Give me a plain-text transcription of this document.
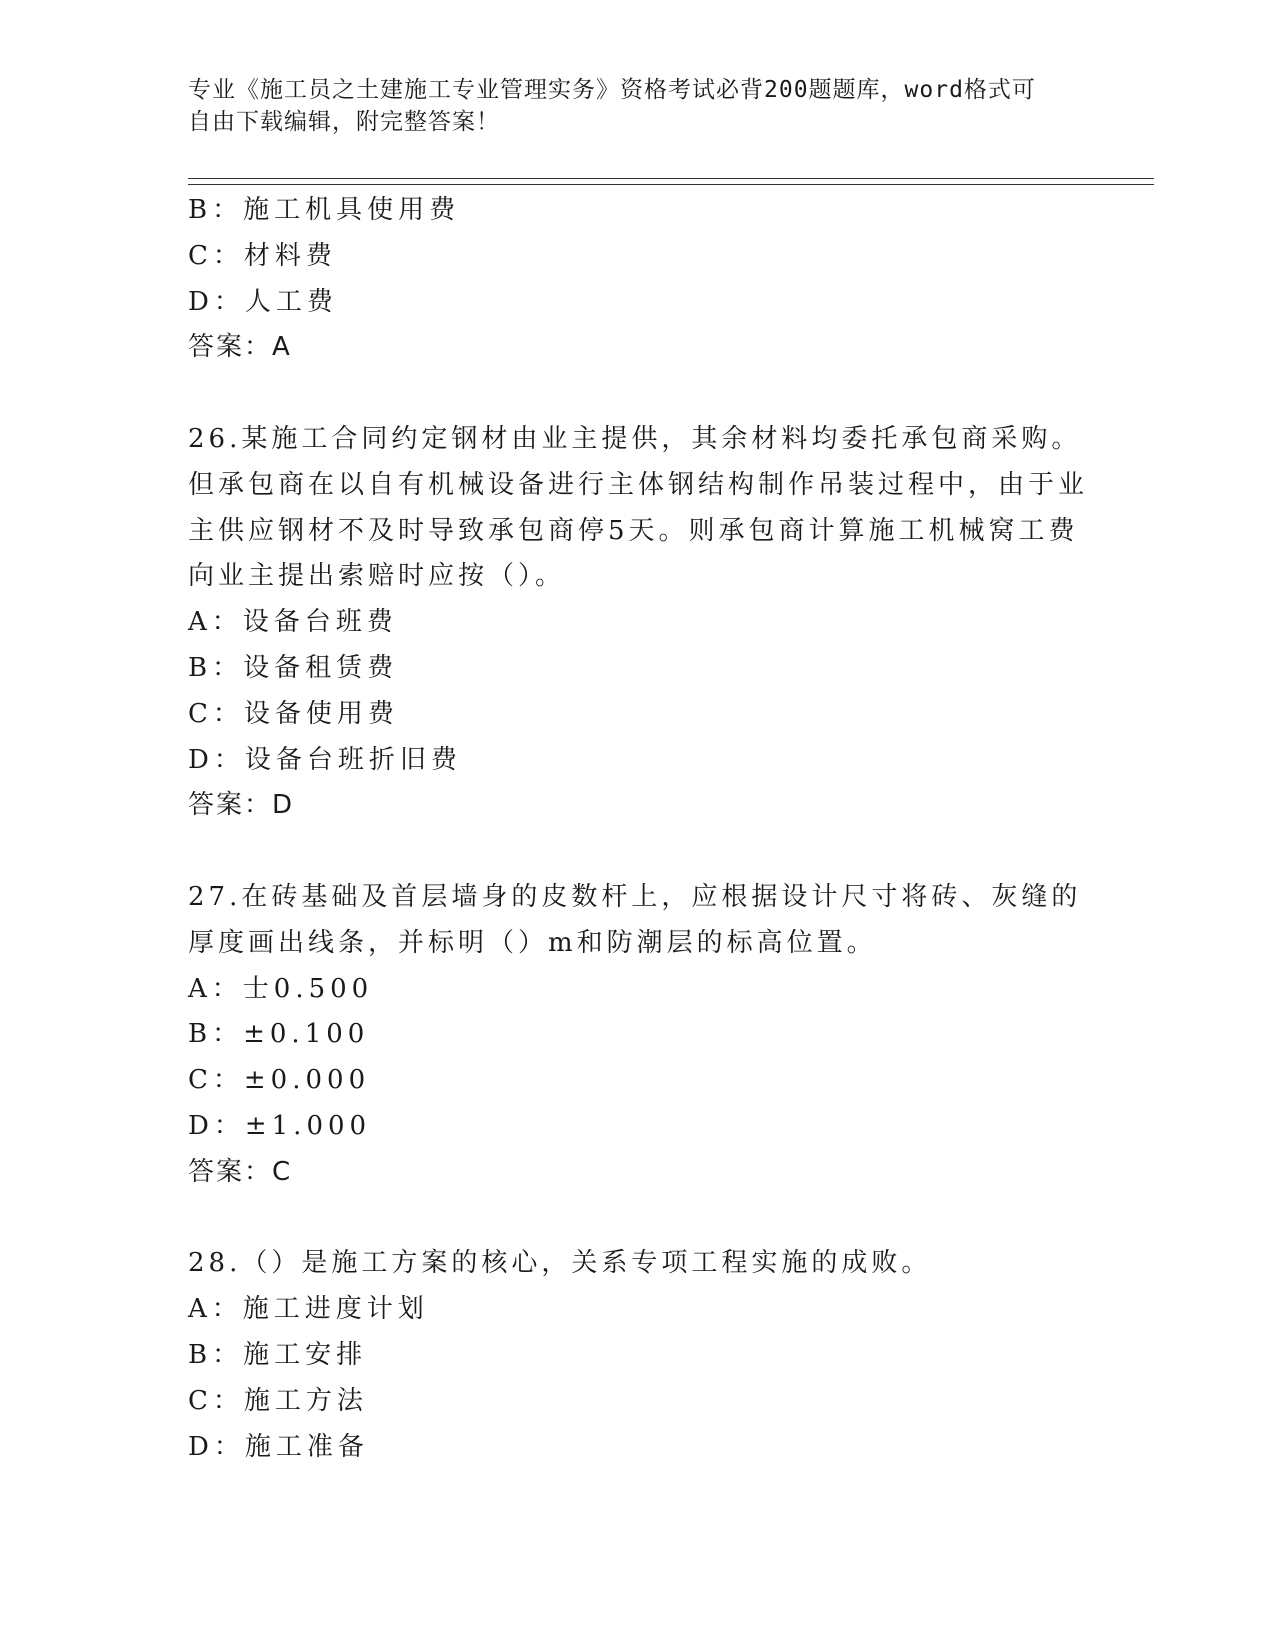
专业《施工员之土建施工专业管理实务》资格考试必背200题题库，word格式可
自由下载编辑，附完整答案！
B：施工机具使用费
C：材料费
D：人工费
答案：A
26.某施工合同约定钢材由业主提供，其余材料均委托承包商采购。但承包商在以自有机械设备进行主体钢结构制作吊装过程中，由于业主供应钢材不及时导致承包商停5天。则承包商计算施工机械窝工费向业主提出索赔时应按（）。
A：设备台班费
B：设备租赁费
C：设备使用费
D：设备台班折旧费
答案：D
27.在砖基础及首层墙身的皮数杆上，应根据设计尺寸将砖、灰缝的厚度画出线条，并标明（）m和防潮层的标高位置。
A：士0.500
B：±0.100
C：±0.000
D：±1.000
答案：C
28.（）是施工方案的核心，关系专项工程实施的成败。
A：施工进度计划
B：施工安排
C：施工方法
D：施工准备
